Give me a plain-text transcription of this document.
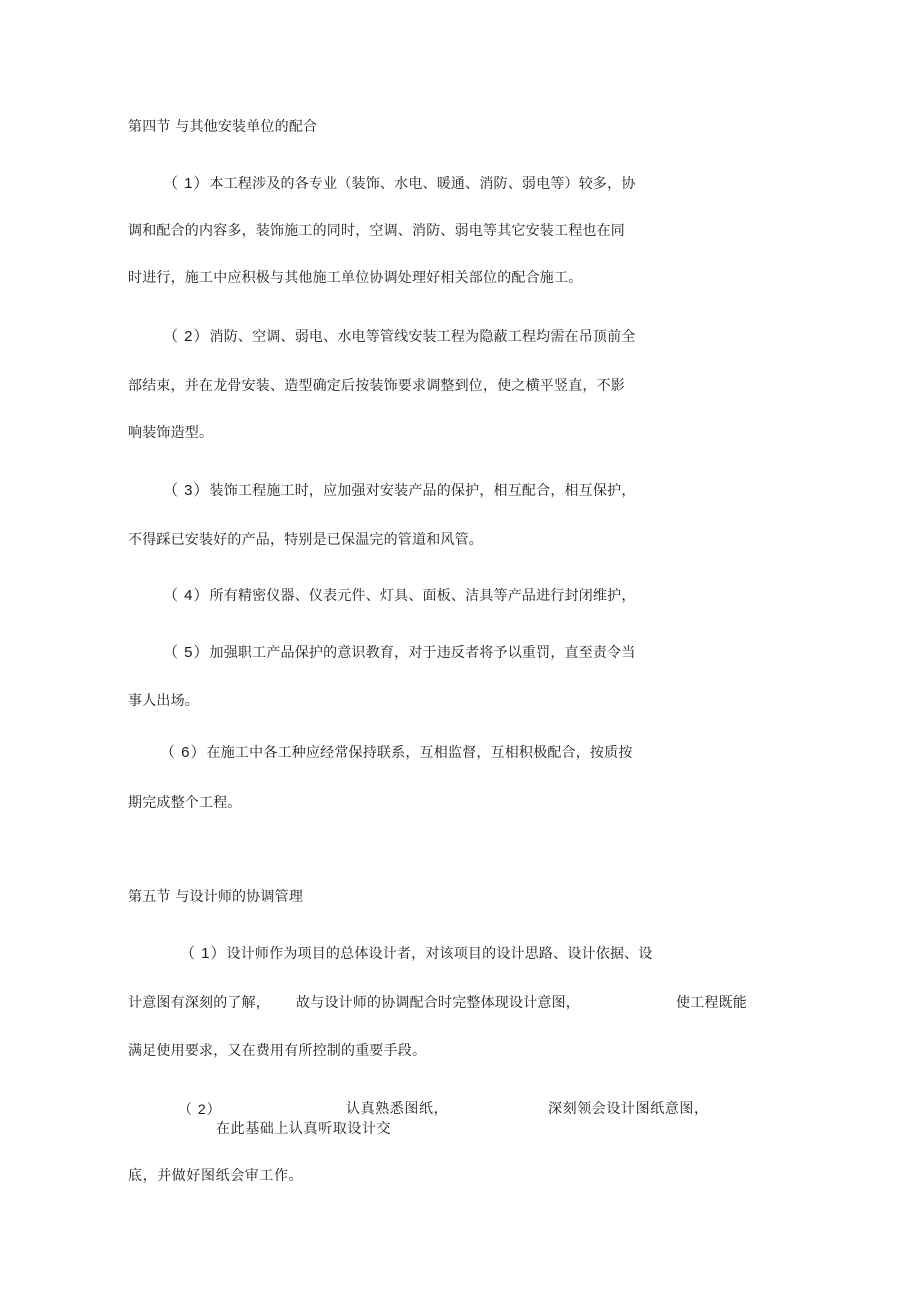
第四节 与其他安装单位的配合
（ 1）本工程涉及的各专业（装饰、水电、暖通、消防、弱电等）较多，协
调和配合的内容多，装饰施工的同时，空调、消防、弱电等其它安装工程也在同
时进行，施工中应积极与其他施工单位协调处理好相关部位的配合施工。
（ 2）消防、空调、弱电、水电等管线安装工程为隐蔽工程均需在吊顶前全
部结束，并在龙骨安装、造型确定后按装饰要求调整到位，使之横平竖直，不影
响装饰造型。
（ 3）装饰工程施工时，应加强对安装产品的保护，相互配合，相互保护，
不得踩已安装好的产品，特别是已保温完的管道和风管。
（ 4）所有精密仪器、仪表元件、灯具、面板、洁具等产品进行封闭维护，
（ 5）加强职工产品保护的意识教育，对于违反者将予以重罚，直至责令当
事人出场。
（ 6）在施工中各工种应经常保持联系，互相监督，互相积极配合，按质按
期完成整个工程。
第五节 与设计师的协调管理
（ 1）设计师作为项目的总体设计者，对该项目的设计思路、设计依据、设
计意图有深刻的了解， 故与设计师的协调配合时完整体现设计意图，	使工程既能
满足使用要求，又在费用有所控制的重要手段。
（ 2）	认真熟悉图纸，	深刻领会设计图纸意图，
在此基础上认真听取设计交
底，并做好图纸会审工作。
